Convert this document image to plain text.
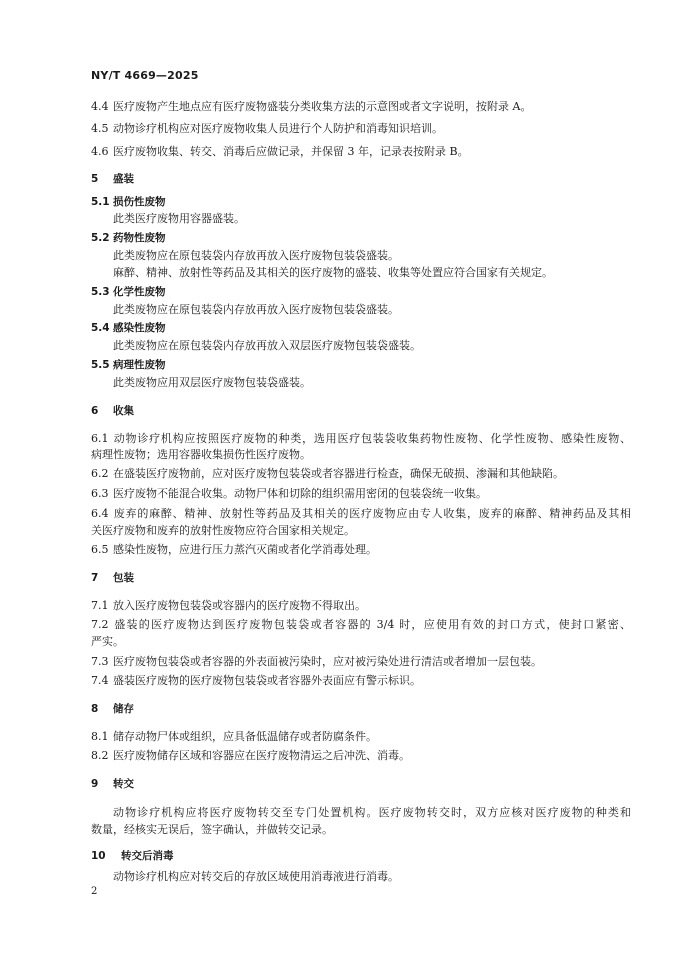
NY/T 4669—2025
4.4 医疗废物产生地点应有医疗废物盛装分类收集方法的示意图或者文字说明，按附录 A。
4.5 动物诊疗机构应对医疗废物收集人员进行个人防护和消毒知识培训。
4.6 医疗废物收集、转交、消毒后应做记录，并保留 3 年，记录表按附录 B。
5 盛装
5.1 损伤性废物
此类医疗废物用容器盛装。
5.2 药物性废物
此类废物应在原包装袋内存放再放入医疗废物包装袋盛装。
麻醉、精神、放射性等药品及其相关的医疗废物的盛装、收集等处置应符合国家有关规定。
5.3 化学性废物
此类废物应在原包装袋内存放再放入医疗废物包装袋盛装。
5.4 感染性废物
此类废物应在原包装袋内存放再放入双层医疗废物包装袋盛装。
5.5 病理性废物
此类废物应用双层医疗废物包装袋盛装。
6 收集
6.1 动物诊疗机构应按照医疗废物的种类，选用医疗包装袋收集药物性废物、化学性废物、感染性废物、
病理性废物；选用容器收集损伤性医疗废物。
6.2 在盛装医疗废物前，应对医疗废物包装袋或者容器进行检查，确保无破损、渗漏和其他缺陷。
6.3 医疗废物不能混合收集。动物尸体和切除的组织需用密闭的包装袋统一收集。
6.4 废弃的麻醉、精神、放射性等药品及其相关的医疗废物应由专人收集，废弃的麻醉、精神药品及其相
关医疗废物和废弃的放射性废物应符合国家相关规定。
6.5 感染性废物，应进行压力蒸汽灭菌或者化学消毒处理。
7 包装
7.1 放入医疗废物包装袋或容器内的医疗废物不得取出。
7.2 盛装的医疗废物达到医疗废物包装袋或者容器的 3/4 时，应使用有效的封口方式，使封口紧密、
严实。
7.3 医疗废物包装袋或者容器的外表面被污染时，应对被污染处进行清洁或者增加一层包装。
7.4 盛装医疗废物的医疗废物包装袋或者容器外表面应有警示标识。
8 储存
8.1 储存动物尸体或组织，应具备低温储存或者防腐条件。
8.2 医疗废物储存区域和容器应在医疗废物清运之后冲洗、消毒。
9 转交
动物诊疗机构应将医疗废物转交至专门处置机构。医疗废物转交时，双方应核对医疗废物的种类和
数量，经核实无误后，签字确认，并做转交记录。
10 转交后消毒
动物诊疗机构应对转交后的存放区域使用消毒液进行消毒。
2
